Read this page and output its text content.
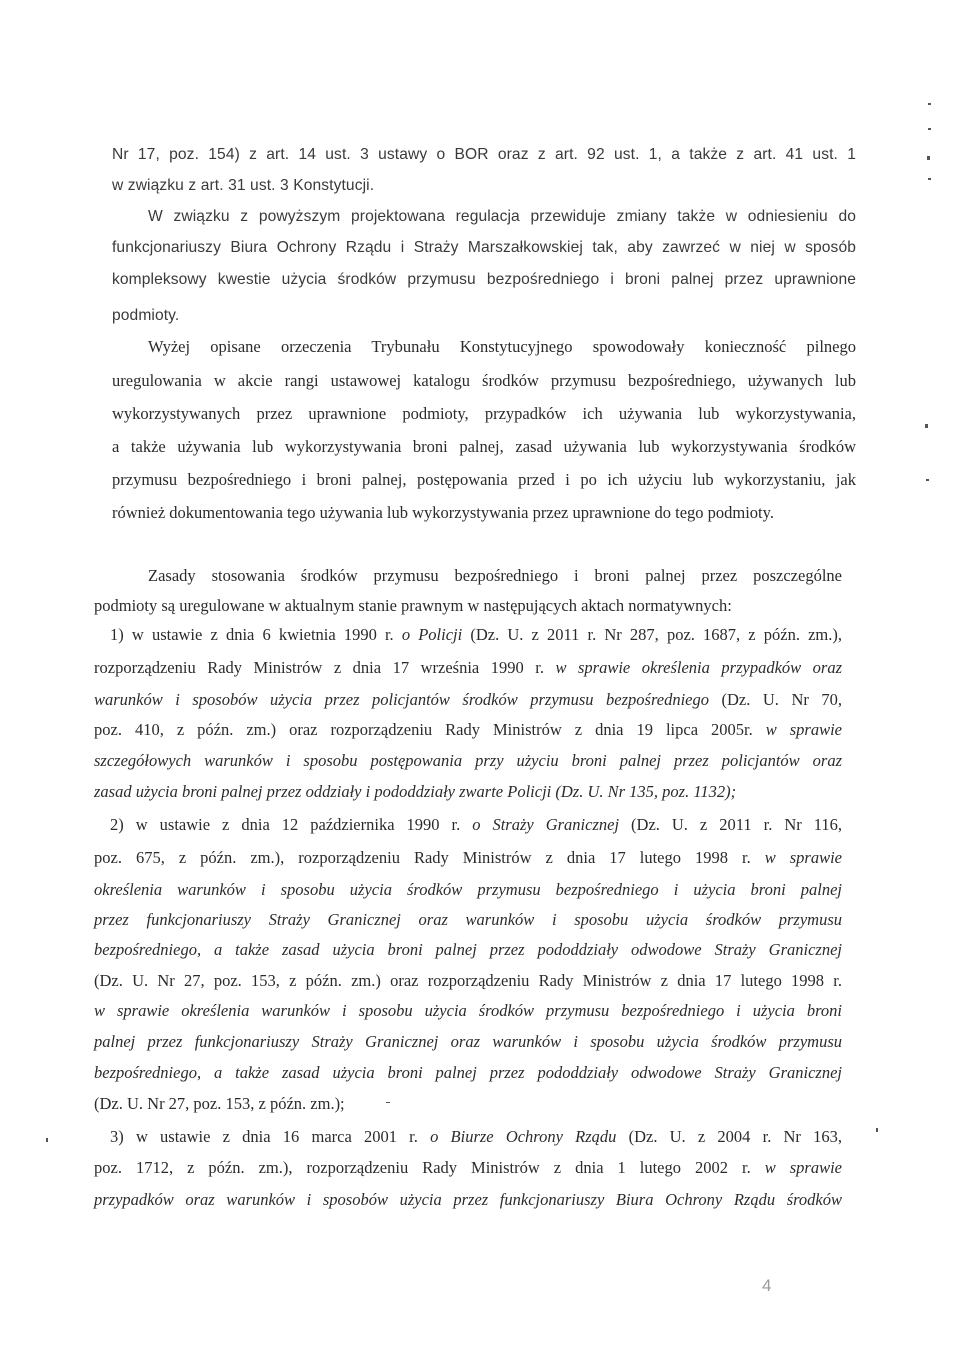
Nr 17, poz. 154) z art. 14 ust. 3 ustawy o BOR oraz z art. 92 ust. 1, a także z art. 41 ust. 1
w związku z art. 31 ust. 3 Konstytucji.
W związku z powyższym projektowana regulacja przewiduje zmiany także w odniesieniu do
funkcjonariuszy Biura Ochrony Rządu i Straży Marszałkowskiej tak, aby zawrzeć w niej w sposób
kompleksowy kwestie użycia środków przymusu bezpośredniego i broni palnej przez uprawnione
podmioty.
Wyżej opisane orzeczenia Trybunału Konstytucyjnego spowodowały konieczność pilnego
uregulowania w akcie rangi ustawowej katalogu środków przymusu bezpośredniego, używanych lub
wykorzystywanych przez uprawnione podmioty, przypadków ich używania lub wykorzystywania,
a także używania lub wykorzystywania broni palnej, zasad używania lub wykorzystywania środków
przymusu bezpośredniego i broni palnej, postępowania przed i po ich użyciu lub wykorzystaniu, jak
również dokumentowania tego używania lub wykorzystywania przez uprawnione do tego podmioty.
Zasady stosowania środków przymusu bezpośredniego i broni palnej przez poszczególne
podmioty są uregulowane w aktualnym stanie prawnym w następujących aktach normatywnych:
1) w ustawie z dnia 6 kwietnia 1990 r. o Policji (Dz. U. z 2011 r. Nr 287, poz. 1687, z późn. zm.),
rozporządzeniu Rady Ministrów z dnia 17 września 1990 r. w sprawie określenia przypadków oraz
warunków i sposobów użycia przez policjantów środków przymusu bezpośredniego (Dz. U. Nr 70,
poz. 410, z późn. zm.) oraz rozporządzeniu Rady Ministrów z dnia 19 lipca 2005r. w sprawie
szczegółowych warunków i sposobu postępowania przy użyciu broni palnej przez policjantów oraz
zasad użycia broni palnej przez oddziały i pododdziały zwarte Policji (Dz. U. Nr 135, poz. 1132);
2) w ustawie z dnia 12 października 1990 r. o Straży Granicznej (Dz. U. z 2011 r. Nr 116,
poz. 675, z późn. zm.), rozporządzeniu Rady Ministrów z dnia 17 lutego 1998 r. w sprawie
określenia warunków i sposobu użycia środków przymusu bezpośredniego i użycia broni palnej
przez funkcjonariuszy Straży Granicznej oraz warunków i sposobu użycia środków przymusu
bezpośredniego, a także zasad użycia broni palnej przez pododdziały odwodowe Straży Granicznej
(Dz. U. Nr 27, poz. 153, z późn. zm.) oraz rozporządzeniu Rady Ministrów z dnia 17 lutego 1998 r.
w sprawie określenia warunków i sposobu użycia środków przymusu bezpośredniego i użycia broni
palnej przez funkcjonariuszy Straży Granicznej oraz warunków i sposobu użycia środków przymusu
bezpośredniego, a także zasad użycia broni palnej przez pododdziały odwodowe Straży Granicznej
(Dz. U. Nr 27, poz. 153, z późn. zm.);
3) w ustawie z dnia 16 marca 2001 r. o Biurze Ochrony Rządu (Dz. U. z 2004 r. Nr 163,
poz. 1712, z późn. zm.), rozporządzeniu Rady Ministrów z dnia 1 lutego 2002 r. w sprawie
przypadków oraz warunków i sposobów użycia przez funkcjonariuszy Biura Ochrony Rządu środków
4
